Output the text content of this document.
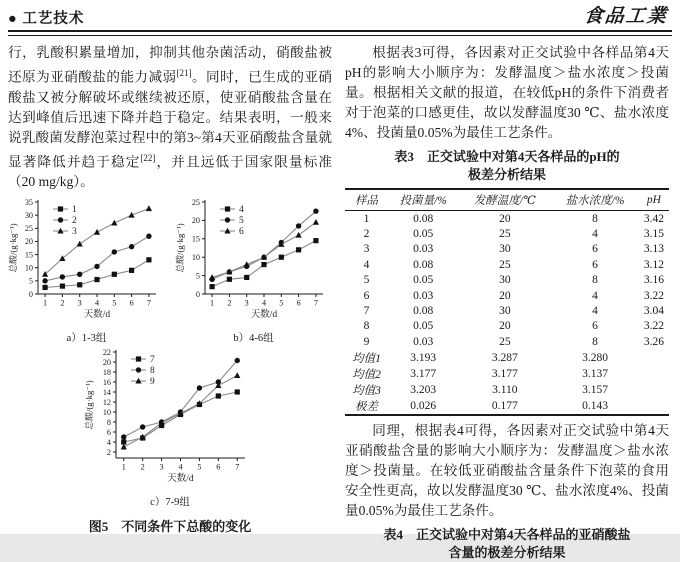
● 工艺技术	食品工業
行，乳酸积累量增加，抑制其他杂菌活动，硝酸盐被还原为亚硝酸盐的能力减弱[21]。同时，已生成的亚硝酸盐又被分解破坏或继续被还原，使亚硝酸盐含量在达到峰值后迅速下降并趋于稳定。结果表明，一般来说乳酸菌发酵泡菜过程中的第3~第4天亚硝酸盐含量就显著降低并趋于稳定[22]，并且远低于国家限量标准（20 mg/kg）。
0
5
10
15
20
25
30
35
1 2 3 4 5 6 7
天数/d
总酸/(g·kg⁻¹)
1
2
3
a）1-3组
0
5
10
15
20
25
1 2 3 4 5 6 7
天数/d
总酸/(g·kg⁻¹)
4
5
6
b）4-6组
2
4
6
8
10
12
14
16
18
20
22
1 2 3 4 5 6 7
天数/d
总酸/(g·kg⁻¹)
7
8
9
c）7-9组
图5　不同条件下总酸的变化
根据表3可得，各因素对正交试验中各样品第4天pH的影响大小顺序为：发酵温度＞盐水浓度＞投菌量。根据相关文献的报道，在较低pH的条件下消费者对于泡菜的口感更佳，故以发酵温度30 ℃、盐水浓度4%、投菌量0.05%为最佳工艺条件。
表3　正交试验中对第4天各样品的pH的
极差分析结果
样品	投菌量/%	发酵温度/℃	盐水浓度/%	pH
1	0.08	20	8	3.42
2	0.05	25	4	3.15
3	0.03	30	6	3.13
4	0.08	25	6	3.12
5	0.05	30	8	3.16
6	0.03	20	4	3.22
7	0.08	30	4	3.04
8	0.05	20	6	3.22
9	0.03	25	8	3.26
均值1	3.193	3.287	3.280	
均值2	3.177	3.177	3.137	
均值3	3.203	3.110	3.157	
极差	0.026	0.177	0.143	
同理，根据表4可得，各因素对正交试验中第4天亚硝酸盐含量的影响大小顺序为：发酵温度＞盐水浓度＞投菌量。在较低亚硝酸盐含量条件下泡菜的食用安全性更高，故以发酵温度30 ℃、盐水浓度4%、投菌量0.05%为最佳工艺条件。
表4　正交试验中对第4天各样品的亚硝酸盐
含量的极差分析结果
